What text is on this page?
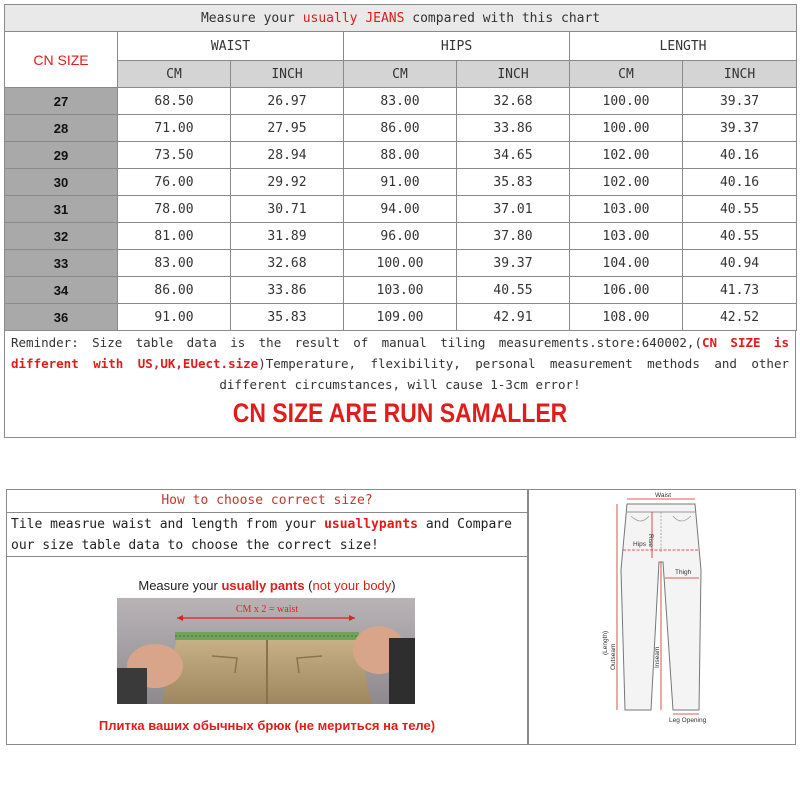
Measure your usually JEANS compared with this chart						
CN SIZE	WAIST		HIPS		LENGTH	
	CM	INCH	CM	INCH	CM	INCH
27	68.50	26.97	83.00	32.68	100.00	39.37
28	71.00	27.95	86.00	33.86	100.00	39.37
29	73.50	28.94	88.00	34.65	102.00	40.16
30	76.00	29.92	91.00	35.83	102.00	40.16
31	78.00	30.71	94.00	37.01	103.00	40.55
32	81.00	31.89	96.00	37.80	103.00	40.55
33	83.00	32.68	100.00	39.37	104.00	40.94
34	86.00	33.86	103.00	40.55	106.00	41.73
36	91.00	35.83	109.00	42.91	108.00	42.52
Reminder: Size table data is the result of manual tiling measurements.store:640002,(CN SIZE is different with US,UK,EUect.size)Temperature, flexibility, personal measurement methods and other different circumstances, will cause 1-3cm error!
CN SIZE ARE RUN SAMALLER
How to choose correct size?
Tile measrue waist and length from your usuallypants and Compare our size table data to choose the correct size!
Measure your usually pants (not your body)
CM x 2 = waist
Плитка ваших обычных брюк (не мериться на теле)
Waist
Rise
Hips
Thigh
(Length)
Outseam	Inseam
Leg Opening
